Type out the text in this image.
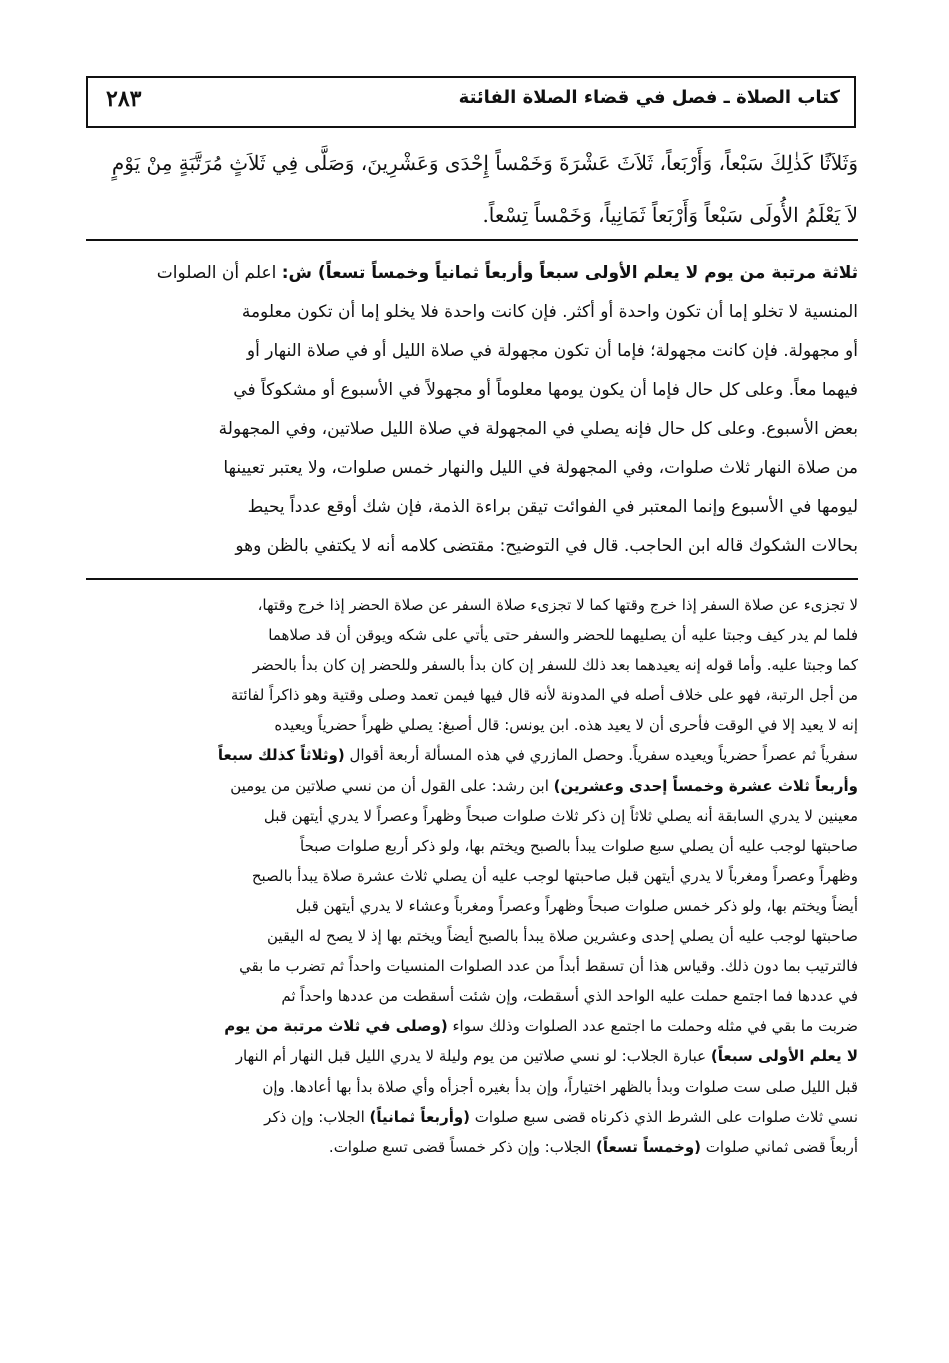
كتاب الصلاة ـ فصل في قضاء الصلاة الفائتة
٢٨٣
وَثَلاَثًا كَذٰلِكَ سَبْعاً، وَأَرْبَعاً، ثَلاَثَ عَشْرَةَ وَخَمْساً إِحْدَى وَعَشْرِينَ، وَصَلَّى فِي ثَلاَثٍ مُرَتَّبَةٍ مِنْ يَوْمٍ
لاَ يَعْلَمُ الأُولَى سَبْعاً وَأَرْبَعاً ثَمَانِياً، وَخَمْساً تِسْعاً.
ثلاثة مرتبة من يوم لا يعلم الأولى سبعاً وأربعاً ثمانياً وخمساً تسعاً) ش: اعلم أن الصلوات
المنسية لا تخلو إما أن تكون واحدة أو أكثر. فإن كانت واحدة فلا يخلو إما أن تكون معلومة
أو مجهولة. فإن كانت مجهولة؛ فإما أن تكون مجهولة في صلاة الليل أو في صلاة النهار أو
فيهما معاً. وعلى كل حال فإما أن يكون يومها معلوماً أو مجهولاً في الأسبوع أو مشكوكاً في
بعض الأسبوع. وعلى كل حال فإنه يصلي في المجهولة في صلاة الليل صلاتين، وفي المجهولة
من صلاة النهار ثلاث صلوات، وفي المجهولة في الليل والنهار خمس صلوات، ولا يعتبر تعيينها
ليومها في الأسبوع وإنما المعتبر في الفوائت تيقن براءة الذمة، فإن شك أوقع عدداً يحيط
بحالات الشكوك قاله ابن الحاجب. قال في التوضيح: مقتضى كلامه أنه لا يكتفي بالظن وهو
لا تجزىء عن صلاة السفر إذا خرج وقتها كما لا تجزىء صلاة السفر عن صلاة الحضر إذا خرج وقتها،
فلما لم يدر كيف وجبتا عليه أن يصليهما للحضر والسفر حتى يأتي على شكه ويوقن أن قد صلاهما
كما وجبتا عليه. وأما قوله إنه يعيدهما بعد ذلك للسفر إن كان بدأ بالسفر وللحضر إن كان بدأ بالحضر
من أجل الرتبة، فهو على خلاف أصله في المدونة لأنه قال فيها فيمن تعمد وصلى وقتية وهو ذاكراً لفائتة
إنه لا يعيد إلا في الوقت فأحرى أن لا يعيد هذه. ابن يونس: قال أصبغ: يصلي ظهراً حضرياً ويعيده
سفرياً ثم عصراً حضرياً ويعيده سفرياً. وحصل المازري في هذه المسألة أربعة أقوال (وثلاثاً كذلك سبعاً
وأربعاً ثلاث عشرة وخمساً إحدى وعشرين) ابن رشد: على القول أن من نسي صلاتين من يومين
معينين لا يدري السابقة أنه يصلي ثلاثاً إن ذكر ثلاث صلوات صبحاً وظهراً وعصراً لا يدري أيتهن قبل
صاحبتها لوجب عليه أن يصلي سبع صلوات يبدأ بالصبح ويختم بها، ولو ذكر أربع صلوات صبحاً
وظهراً وعصراً ومغرباً لا يدري أيتهن قبل صاحبتها لوجب عليه أن يصلي ثلاث عشرة صلاة يبدأ بالصبح
أيضاً ويختم بها، ولو ذكر خمس صلوات صبحاً وظهراً وعصراً ومغرباً وعشاء لا يدري أيتهن قبل
صاحبتها لوجب عليه أن يصلي إحدى وعشرين صلاة يبدأ بالصبح أيضاً ويختم بها إذ لا يصح له اليقين
فالترتيب بما دون ذلك. وقياس هذا أن تسقط أبداً من عدد الصلوات المنسيات واحداً ثم تضرب ما بقي
في عددها فما اجتمع حملت عليه الواحد الذي أسقطت، وإن شئت أسقطت من عددها واحداً ثم
ضربت ما بقي في مثله وحملت ما اجتمع عدد الصلوات وذلك سواء (وصلى في ثلاث مرتبة من يوم
لا يعلم الأولى سبعاً) عبارة الجلاب: لو نسي صلاتين من يوم وليلة لا يدري الليل قبل النهار أم النهار
قبل الليل صلى ست صلوات وبدأ بالظهر اختياراً، وإن بدأ بغيره أجزأه وأي صلاة بدأ بها أعادها. وإن
نسي ثلاث صلوات على الشرط الذي ذكرناه قضى سبع صلوات (وأربعاً ثمانياً) الجلاب: وإن ذكر
أربعاً قضى ثماني صلوات (وخمساً تسعاً) الجلاب: وإن ذكر خمساً قضى تسع صلوات.
